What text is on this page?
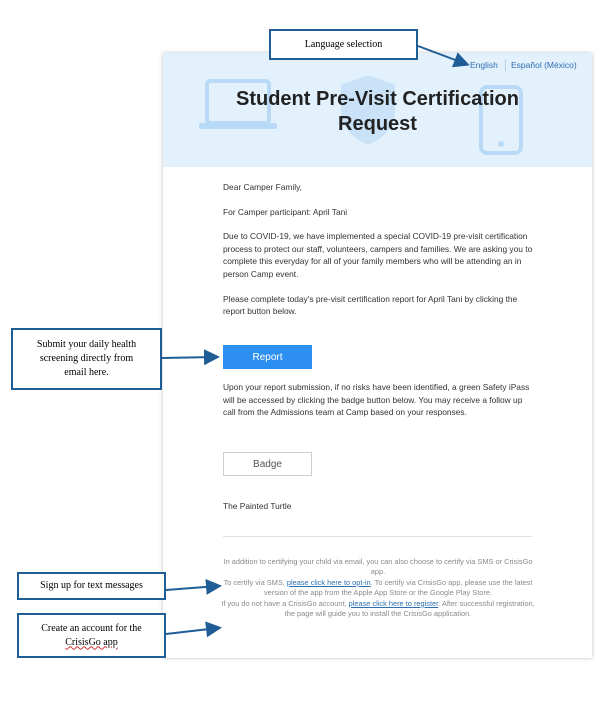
English Español (México)
Student Pre-Visit Certification
Request

Dear Camper Family,

For Camper participant: April Tani

Due to COVID-19, we have implemented a special COVID-19 pre-visit certification process to protect our staff, volunteers, campers and families. We are asking you to complete this everyday for all of your family members who will be attending an in person Camp event.

Please complete today's pre-visit certification report for April Tani by clicking the report button below.

Report
Upon your report submission, if no risks have been identified, a green Safety iPass will be accessed by clicking the badge button below. You may receive a follow up call from the Admissions team at Camp based on your responses.
Badge
The Painted Turtle
In addition to certifying your child via email, you can also choose to certify via SMS or CrisisGo app.
To certify via SMS, please click here to opt-in. To certify via CrisisGo app, please use the latest version of the app from the Apple App Store or the Google Play Store.
If you do not have a CrisisGo account, please click here to register. After successful registration, the page will guide you to install the CrisisGo application.
Language selection
Submit your daily health
screening directly from
email here.
Sign up for text messages
Create an account for the
CrisisGo app
